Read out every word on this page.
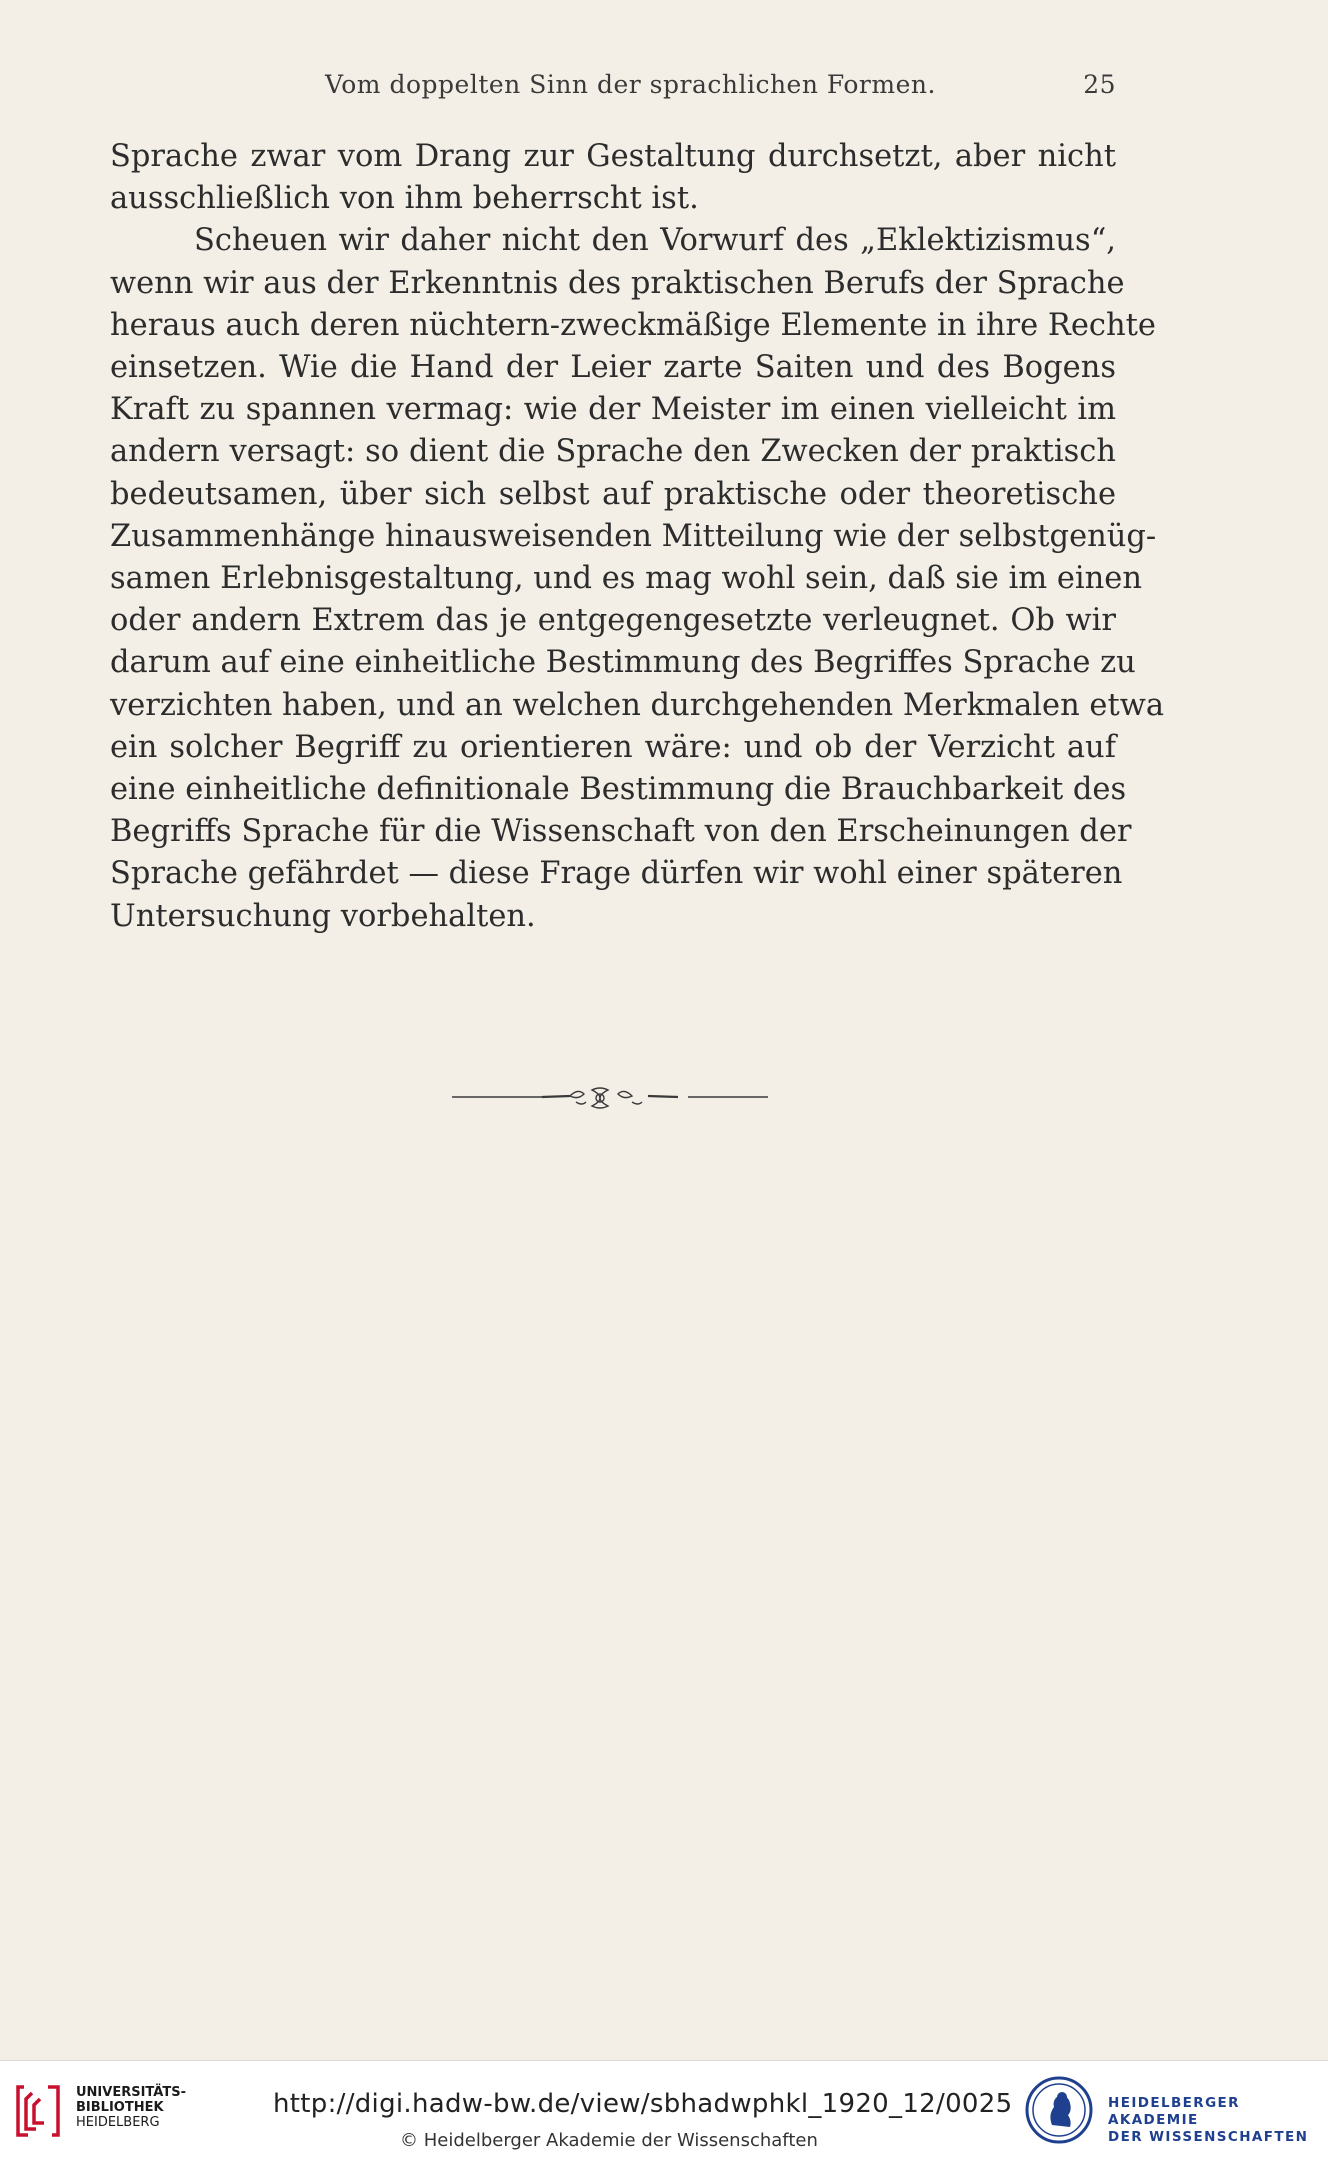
Vom doppelten Sinn der sprachlichen Formen.	25
Sprache zwar vom Drang zur Gestaltung durchsetzt, aber nicht
ausschließlich von ihm beherrscht ist.
Scheuen wir daher nicht den Vorwurf des „Eklektizismus“,
wenn wir aus der Erkenntnis des praktischen Berufs der Sprache
heraus auch deren nüchtern-zweckmäßige Elemente in ihre Rechte
einsetzen. Wie die Hand der Leier zarte Saiten und des Bogens
Kraft zu spannen vermag: wie der Meister im einen vielleicht im
andern versagt: so dient die Sprache den Zwecken der praktisch
bedeutsamen, über sich selbst auf praktische oder theoretische
Zusammenhänge hinausweisenden Mitteilung wie der selbstgenüg-
samen Erlebnisgestaltung, und es mag wohl sein, daß sie im einen
oder andern Extrem das je entgegengesetzte verleugnet. Ob wir
darum auf eine einheitliche Bestimmung des Begriffes Sprache zu
verzichten haben, und an welchen durchgehenden Merkmalen etwa
ein solcher Begriff zu orientieren wäre: und ob der Verzicht auf
eine einheitliche definitionale Bestimmung die Brauchbarkeit des
Begriffs Sprache für die Wissenschaft von den Erscheinungen der
Sprache gefährdet — diese Frage dürfen wir wohl einer späteren
Untersuchung vorbehalten.
UNIVERSITÄTS-
BIBLIOTHEK
HEIDELBERG
http://digi.hadw-bw.de/view/sbhadwphkl_1920_12/0025
© Heidelberger Akademie der Wissenschaften
HEIDELBERGER AKADEMIE
DER WISSENSCHAFTEN
